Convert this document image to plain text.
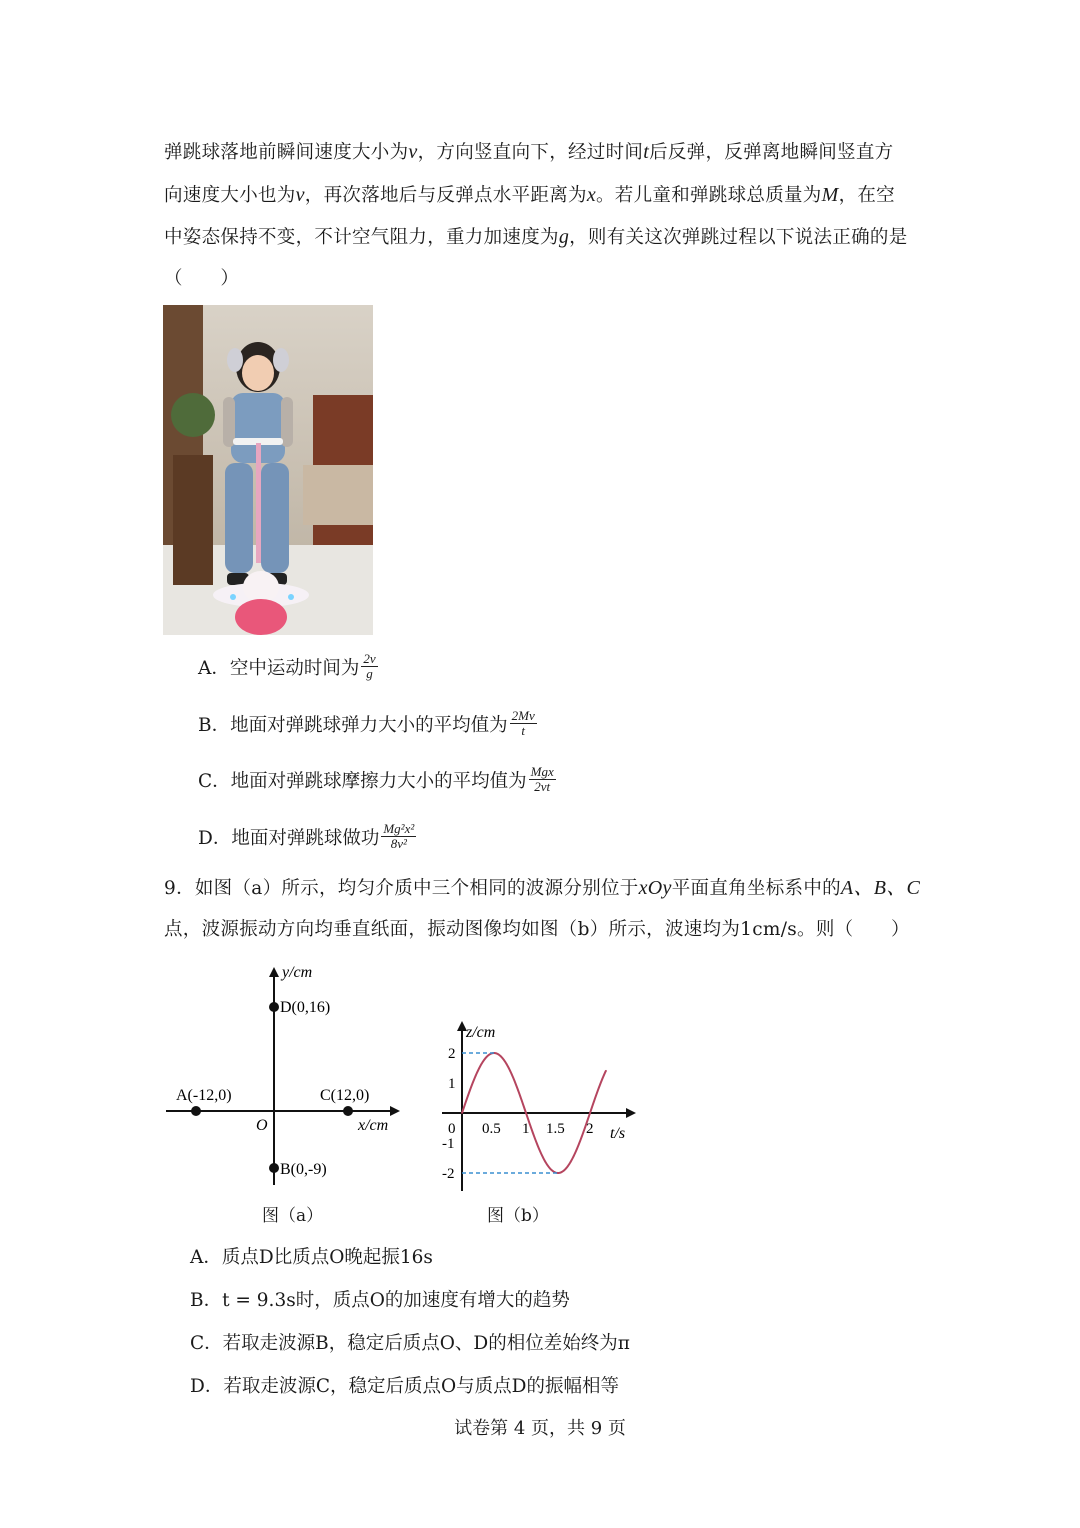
弹跳球落地前瞬间速度大小为v，方向竖直向下，经过时间t后反弹，反弹离地瞬间竖直方
向速度大小也为v，再次落地后与反弹点水平距离为x。若儿童和弹跳球总质量为M，在空
中姿态保持不变，不计空气阻力，重力加速度为g，则有关这次弹跳过程以下说法正确的是
（　　）
A．空中运动时间为 $\frac{2v}{g}$
B．地面对弹跳球弹力大小的平均值为 $\frac{2Mv}{t}$
C．地面对弹跳球摩擦力大小的平均值为 $\frac{\text{Mgx}}{2vt}$
D．地面对弹跳球做功 $\frac{\text{Mg²x²}}{\text{8v²}}$
9．如图（a）所示，均匀介质中三个相同的波源分别位于xOy平面直角坐标系中的A、B、C
点，波源振动方向均垂直纸面，振动图像均如图（b）所示，波速均为1cm/s。则（　　）
y/cm
x/cm
O
A(-12,0)	C(12,0)
D(0,16)
B(0,-9)
图（a）
z/cm
t/s
2
1
-1
-2
0 0.5 1 1.5 2
图（b）
A．质点D比质点O晚起振16s
B．t = 9.3s时，质点O的加速度有增大的趋势
C．若取走波源B，稳定后质点O、D的相位差始终为π
D．若取走波源C，稳定后质点O与质点D的振幅相等
试卷第 4 页，共 9 页
